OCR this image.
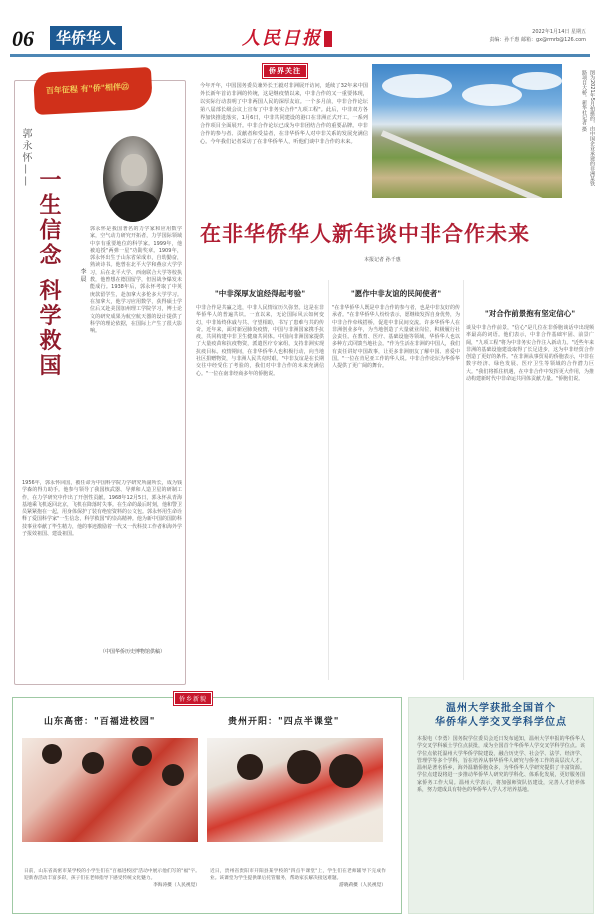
06	华侨华人	人民日报	2022年1月14日 星期五
责编：孙千惠 邮箱：gx@rmrb@126.com
百年征程 有"侨"相伴㉒
郭永怀——
一生信念 科学救国	李 晨
郭永怀是我国著名的力学家和应用数学家，空气动力研究开拓者，力学国际领域中享有重要地位的科学家。1999年，他被追授"两弹一星"功勋奖章。1909年，郭永怀出生于山东省荣成市，自幼勤奋，熟读诗书。他曾在北平大学和燕京大学学习，后在北平大学、西南联合大学等校执教，他曾想在德国留学，但因战争爆发未能成行。1938年后，郭永怀考取了中英庚款留学生，赴加拿大多伦多大学学习。在加拿大，他学习应用数学，获得硕士学位后又赴美国加州理工学院学习，博士论文的研究成果为航空航天器的设计提供了科学的理论依据，在国际上产生了很大影响。
1956年，郭永怀回国，被任命为中国科学院力学研究所副所长，成为钱学森的得力助手。他参与领导了我国核武器、导弹和人造卫星的研制工作，在力学研究中作出了开创性贡献。1968年12月5日，郭永怀从青海基地乘飞机返回北京，飞机在降落时失事。在生命的最后时刻，他和警卫员紧紧抱在一起，用身体保护了装有绝密资料的公文包。郭永怀用生命诠释了爱国科学家"一生信念，科学救国"的崇高精神。他为新中国的国防科技事业奉献了毕生精力，他的事迹激励着一代又一代科技工作者和海外学子报效祖国、建设祖国。
（中国华侨历史博物馆供稿）
侨界关注
今年开年，中国国务委员兼外长王毅对非洲展开访问，延续了32年来中国外长新年首访非洲的传统，这是继疫情以来，中非合作的又一重要体现，以实际行动表明了中非两国人民的深厚友谊。一个多月前，中非合作论坛第八届部长级会议上宣布了中非务实合作"九项工程"。此后，中非双方各界加快推进落实，1月6日，中非共同建设的港口在非洲正式开工。一系列合作项目全面展开。中非合作论坛已成为中非团结合作的重要品牌。中非合作的参与者、贡献者和受益者，在非华侨华人对中非关系的发展充满信心。今年我们记者采访了在非华侨华人，听他们谈中非合作的未来。	图为2021年5月拍摄的，由中国企业承建的非洲某铁路项目大桥。新华社记者 摄
在非华侨华人新年谈中非合作未来
本报记者 孙千惠
"中非深厚友谊经得起考验"
中非合作是共赢之选，中非人民情谊历久弥坚。这是在非华侨华人的普遍共识。一直以来，无论国际风云如何变幻，中非始终休戚与共、守望相助，书写了患难与共的传奇。近年来，面对新冠肺炎疫情，中国与非洲国家携手抗疫，共同构建中非卫生健康共同体。中国向非洲国家提供了大量疫苗和抗疫物资，派遣医疗专家组，支持非洲实现抗疫目标。疫情期间，在非华侨华人也积极行动，向当地社区捐赠物资，与非洲人民共克时艰。"中非友谊是在长期交往中经受住了考验的，我们对中非合作的未来充满信心。"一位在南非经商多年的侨胞说。
"愿作中非友谊的民间使者"
"在非华侨华人既是中非合作的参与者，也是中非友好的传承者。"在非华侨华人纷纷表示，愿继续发挥自身优势，为中非合作牵线搭桥，促进中非民间交流。许多华侨华人在非洲创业多年，为当地创造了大量就业岗位，积极履行社会责任。在教育、医疗、基础设施等领域，华侨华人也以多种方式回馈当地社会。"作为生活在非洲的中国人，我们有责任讲好中国故事，让更多非洲朋友了解中国、喜爱中国。"一位在肯尼亚工作的华人说。中非合作论坛为华侨华人提供了更广阔的舞台。
"对合作前景抱有坚定信心"
谈及中非合作前景，"信心"是几位在非侨胞谈话中出现频率最高的词语。他们表示，中非合作基础牢固、前景广阔，"九项工程"将为中非务实合作注入新动力。"近些年来非洲的基础设施建设取得了长足进步，这为中非经贸合作创造了更好的条件。"在非洲从事贸易的侨胞表示，中非在数字经济、绿色发展、医疗卫生等领域的合作潜力巨大。"我们将抓住机遇，在中非合作中发挥更大作用，为推动构建新时代中非命运共同体贡献力量。"侨胞们说。
侨乡新貌
山东高密："百福进校园"	贵州开阳："四点半课堂"
日前，山东省高密市某学校的小学生们在"百福进校园"活动中展示他们写的"福"字。迎新春活动丰富多彩，孩子们在老师指导下感受传统文化魅力。
李海涛摄（人民视觉）
近日，贵州省贵阳市开阳县某学校的"四点半课堂"上，学生们在老师辅导下完成作业。该课堂为学生提供课后托管服务，帮助家长解决接送难题。
游晓莉摄（人民视觉）
温州大学获批全国首个
华侨华人学交叉学科学位点
本报电（李勇）国务院学位委员会近日发布通知，温州大学申报的华侨华人学交叉学科硕士学位点获批，成为全国首个华侨华人学交叉学科学位点。该学位点依托温州大学华侨学院建设，融合历史学、社会学、法学、经济学、管理学等多个学科，旨在培养从事华侨华人研究与侨务工作的高层次人才。温州是著名侨乡，海外温籍侨胞众多，为华侨华人学研究提供了丰富资源。学位点建设将进一步推动华侨华人研究的学科化、体系化发展，更好服务国家侨务工作大局。温州大学表示，将加强师资队伍建设，完善人才培养体系，努力建成具有特色的华侨华人学人才培养基地。
